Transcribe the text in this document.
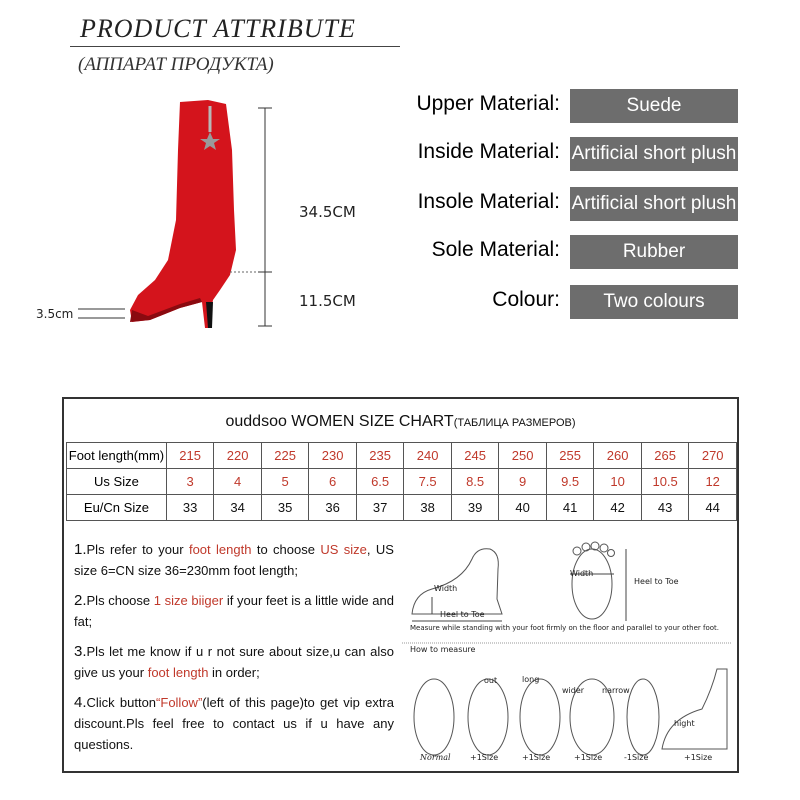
PRODUCT ATTRIBUTE
(АППАРАТ ПРОДУКТА)
34.5CM
11.5CM
3.5cm
Upper Material:	Suede
Inside Material: Artificial short plush
Insole Material: Artificial short plush
Sole Material:	Rubber
Colour:	Two colours
ouddsoo WOMEN SIZE CHART(ТАБЛИЦА РАЗМЕРОВ)
Foot length(mm)	215	220	225	230	235	240	245	250	255	260	265	270
Us Size	3	4	5	6	6.5	7.5	8.5	9	9.5	10	10.5	12
Eu/Cn Size	33	34	35	36	37	38	39	40	41	42	43	44

1.Pls refer to your foot length to choose US size, US size 6=CN size 36=230mm foot length;

2.Pls choose 1 size biiger if your feet is a little wide and fat;

3.Pls let me know if u r not sure about size,u can also give us your foot length in order;

4.Click button“Follow”(left of this page)to get vip extra discount.Pls feel free to contact us if u have any questions.

Width
Heel to Toe
Width
Heel to Toe
Measure while standing with your foot firmly on the floor and parallel to your other foot.
How to measure
out	long
wider narrow
hight
Normal +1Size	+1Size	+1Size	-1Size	+1Size
